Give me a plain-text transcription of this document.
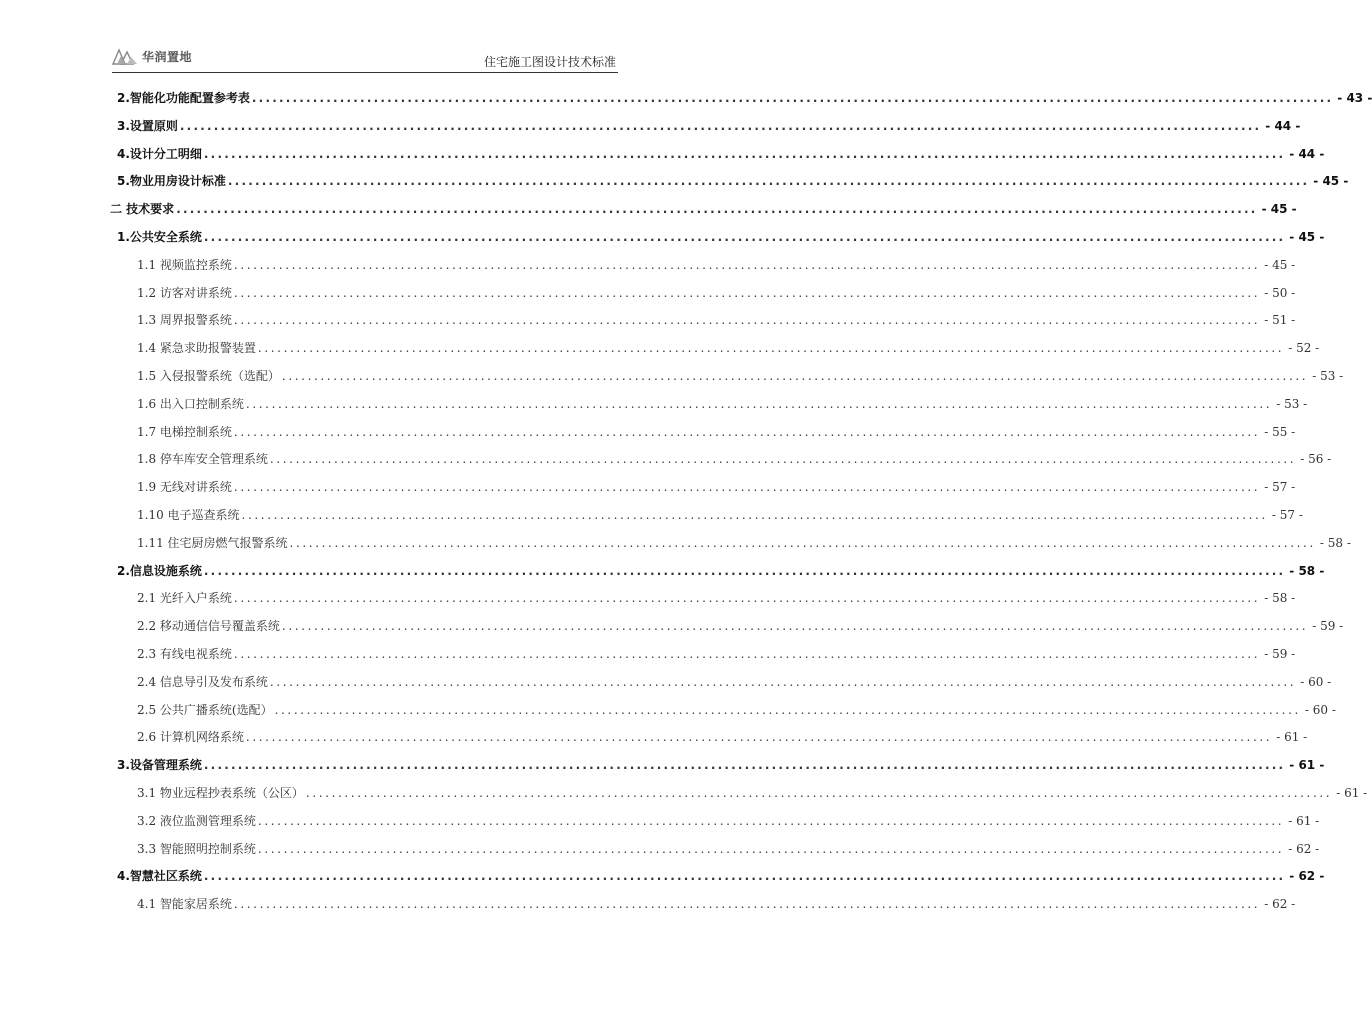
华润置地	住宅施工图设计技术标准
2.智能化功能配置参考表 ................................................................................................................................................................ - 43 -
3.设置原则 ................................................................................................................................................................ - 44 -
4.设计分工明细 ................................................................................................................................................................ - 44 -
5.物业用房设计标准 ................................................................................................................................................................ - 45 -
二 技术要求 ................................................................................................................................................................ - 45 -
1.公共安全系统 ................................................................................................................................................................ - 45 -
1.1 视频监控系统 ................................................................................................................................................................ - 45 -
1.2 访客对讲系统 ................................................................................................................................................................ - 50 -
1.3 周界报警系统 ................................................................................................................................................................ - 51 -
1.4 紧急求助报警装置 ................................................................................................................................................................ - 52 -
1.5 入侵报警系统（选配） ................................................................................................................................................................ - 53 -
1.6 出入口控制系统 ................................................................................................................................................................ - 53 -
1.7 电梯控制系统 ................................................................................................................................................................ - 55 -
1.8 停车库安全管理系统 ................................................................................................................................................................ - 56 -
1.9 无线对讲系统 ................................................................................................................................................................ - 57 -
1.10 电子巡查系统 ................................................................................................................................................................ - 57 -
1.11 住宅厨房燃气报警系统 ................................................................................................................................................................ - 58 -
2.信息设施系统 ................................................................................................................................................................ - 58 -
2.1 光纤入户系统 ................................................................................................................................................................ - 58 -
2.2 移动通信信号覆盖系统 ................................................................................................................................................................ - 59 -
2.3 有线电视系统 ................................................................................................................................................................ - 59 -
2.4 信息导引及发布系统 ................................................................................................................................................................ - 60 -
2.5 公共广播系统(选配） ................................................................................................................................................................ - 60 -
2.6 计算机网络系统 ................................................................................................................................................................ - 61 -
3.设备管理系统 ................................................................................................................................................................ - 61 -
3.1 物业远程抄表系统（公区） ................................................................................................................................................................ - 61 -
3.2 液位监测管理系统 ................................................................................................................................................................ - 61 -
3.3 智能照明控制系统 ................................................................................................................................................................ - 62 -
4.智慧社区系统 ................................................................................................................................................................ - 62 -
4.1 智能家居系统 ................................................................................................................................................................ - 62 -
